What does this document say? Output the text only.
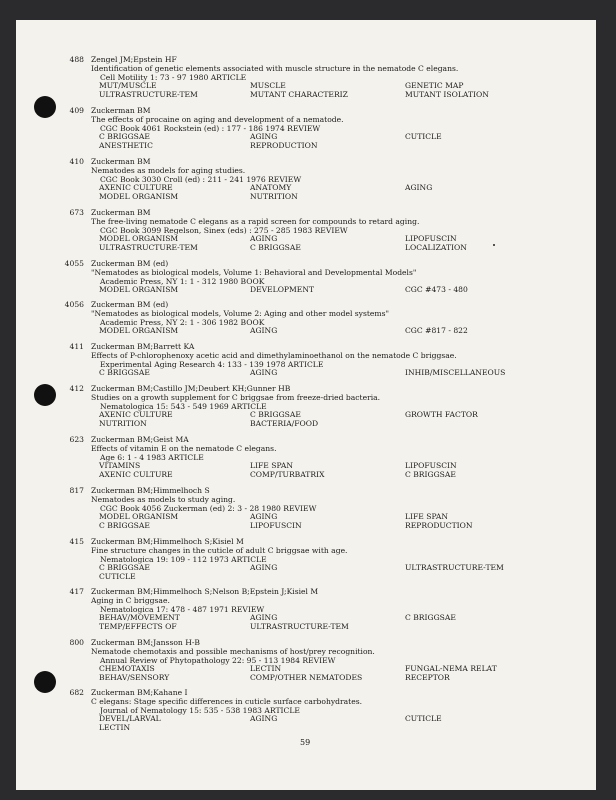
488 Zengel JM;Epstein HF
Identification of genetic elements associated with muscle structure in the nematode C elegans.
Cell Motility 1: 73 - 97 1980 ARTICLE
MUT/MUSCLE	MUSCLE	GENETIC MAP
ULTRASTRUCTURE-TEM	MUTANT CHARACTERIZ	MUTANT ISOLATION
409 Zuckerman BM
The effects of procaine on aging and development of a nematode.
CGC Book 4061 Rockstein (ed) : 177 - 186 1974 REVIEW
C BRIGGSAE	AGING	CUTICLE
ANESTHETIC	REPRODUCTION
410 Zuckerman BM
Nematodes as models for aging studies.
CGC Book 3030 Croll (ed) : 211 - 241 1976 REVIEW
AXENIC CULTURE	ANATOMY	AGING
MODEL ORGANISM	NUTRITION
673 Zuckerman BM
The free-living nematode C elegans as a rapid screen for compounds to retard aging.
CGC Book 3099 Regelson, Sinex (eds) : 275 - 285 1983 REVIEW
MODEL ORGANISM	AGING	LIPOFUSCIN
ULTRASTRUCTURE-TEM	C BRIGGSAE	LOCALIZATION
4055 Zuckerman BM (ed)
"Nematodes as biological models, Volume 1: Behavioral and Developmental Models"
Academic Press, NY 1: 1 - 312 1980 BOOK
MODEL ORGANISM	DEVELOPMENT	CGC #473 - 480
4056 Zuckerman BM (ed)
"Nematodes as biological models, Volume 2: Aging and other model systems"
Academic Press, NY 2: 1 - 306 1982 BOOK
MODEL ORGANISM	AGING	CGC #817 - 822
411 Zuckerman BM;Barrett KA
Effects of P-chlorophenoxy acetic acid and dimethylaminoethanol on the nematode C briggsae.
Experimental Aging Research 4: 133 - 139 1978 ARTICLE
C BRIGGSAE	AGING	INHIB/MISCELLANEOUS
412 Zuckerman BM;Castillo JM;Deubert KH;Gunner HB
Studies on a growth supplement for C briggsae from freeze-dried bacteria.
Nematologica 15: 543 - 549 1969 ARTICLE
AXENIC CULTURE	C BRIGGSAE	GROWTH FACTOR
NUTRITION	BACTERIA/FOOD
623 Zuckerman BM;Geist MA
Effects of vitamin E on the nematode C elegans.
Age 6: 1 - 4 1983 ARTICLE
VITAMINS	LIFE SPAN	LIPOFUSCIN
AXENIC CULTURE	COMP/TURBATRIX	C BRIGGSAE
817 Zuckerman BM;Himmelhoch S
Nematodes as models to study aging.
CGC Book 4056 Zuckerman (ed) 2: 3 - 28 1980 REVIEW
MODEL ORGANISM	AGING	LIFE SPAN
C BRIGGSAE	LIPOFUSCIN	REPRODUCTION
415 Zuckerman BM;Himmelhoch S;Kisiel M
Fine structure changes in the cuticle of adult C briggsae with age.
Nematologica 19: 109 - 112 1973 ARTICLE
C BRIGGSAE	AGING	ULTRASTRUCTURE-TEM
CUTICLE
417 Zuckerman BM;Himmelhoch S;Nelson B;Epstein J;Kisiel M
Aging in C briggsae.
Nematologica 17: 478 - 487 1971 REVIEW
BEHAV/MOVEMENT	AGING	C BRIGGSAE
TEMP/EFFECTS OF	ULTRASTRUCTURE-TEM
800 Zuckerman BM;Jansson H-B
Nematode chemotaxis and possible mechanisms of host/prey recognition.
Annual Review of Phytopathology 22: 95 - 113 1984 REVIEW
CHEMOTAXIS	LECTIN	FUNGAL-NEMA RELAT
BEHAV/SENSORY	COMP/OTHER NEMATODES	RECEPTOR
682 Zuckerman BM;Kahane I
C elegans: Stage specific differences in cuticle surface carbohydrates.
Journal of Nematology 15: 535 - 538 1983 ARTICLE
DEVEL/LARVAL	AGING	CUTICLE
LECTIN
59
